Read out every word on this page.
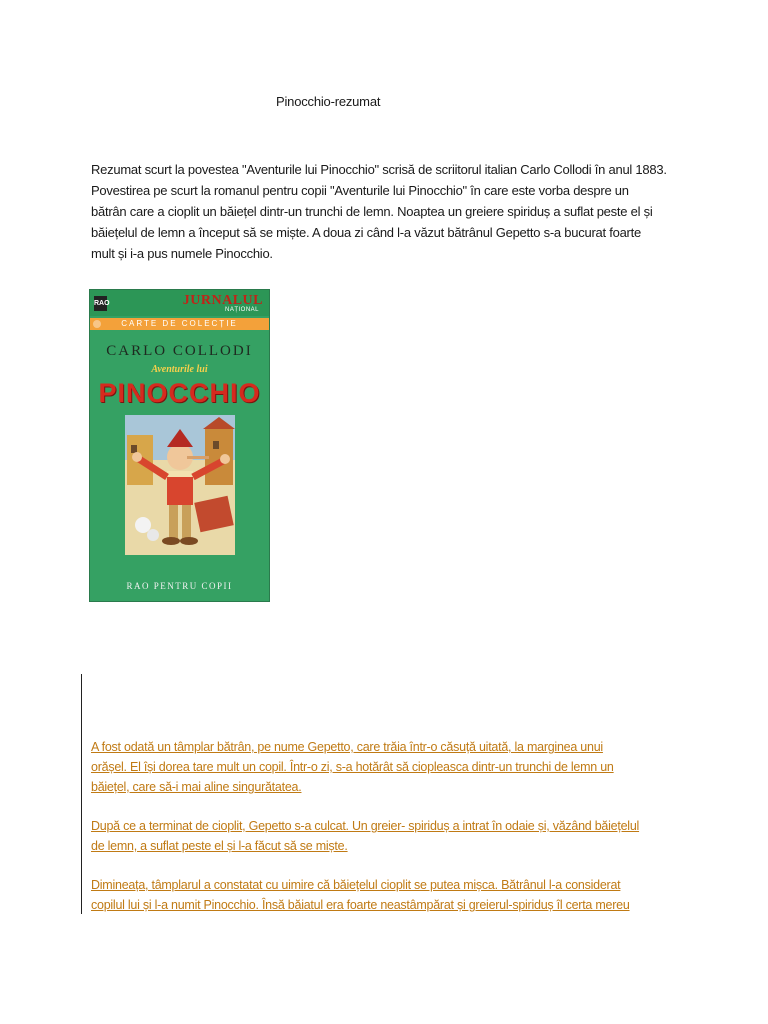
Pinocchio-rezumat
Rezumat scurt la povestea "Aventurile lui Pinocchio" scrisă de scriitorul italian Carlo Collodi în anul 1883.
Povestirea pe scurt la romanul pentru copii "Aventurile lui Pinocchio" în care este vorba despre un
bătrân care a cioplit un băiețel dintr-un trunchi de lemn. Noaptea un greiere spiriduș a suflat peste el și
băiețelul de lemn a început să se miște. A doua zi când l-a văzut bătrânul Gepetto s-a bucurat foarte
mult și i-a pus numele Pinocchio.
RAO	JURNALUL
NAȚIONAL
CARTE DE COLECȚIE
CARLO COLLODI
Aventurile lui
PINOCCHIO
RAO PENTRU COPII

A fost odată un tâmplar bătrân, pe nume Gepetto, care trăia într-o căsuță uitată, la marginea unui
orășel. El își dorea tare mult un copil. Într-o zi, s-a hotărât să ciopleasca dintr-un trunchi de lemn un
băiețel, care să-i mai aline singurătatea.

După ce a terminat de cioplit, Gepetto s-a culcat. Un greier- spiriduș a intrat în odaie și, văzând băiețelul
de lemn, a suflat peste el și l-a făcut să se miște.

Dimineața, tâmplarul a constatat cu uimire că băiețelul cioplit se putea mișca. Bătrânul l-a considerat
copilul lui și l-a numit Pinocchio. Însă băiatul era foarte neastâmpărat și greierul-spiriduș îl certa mereu
